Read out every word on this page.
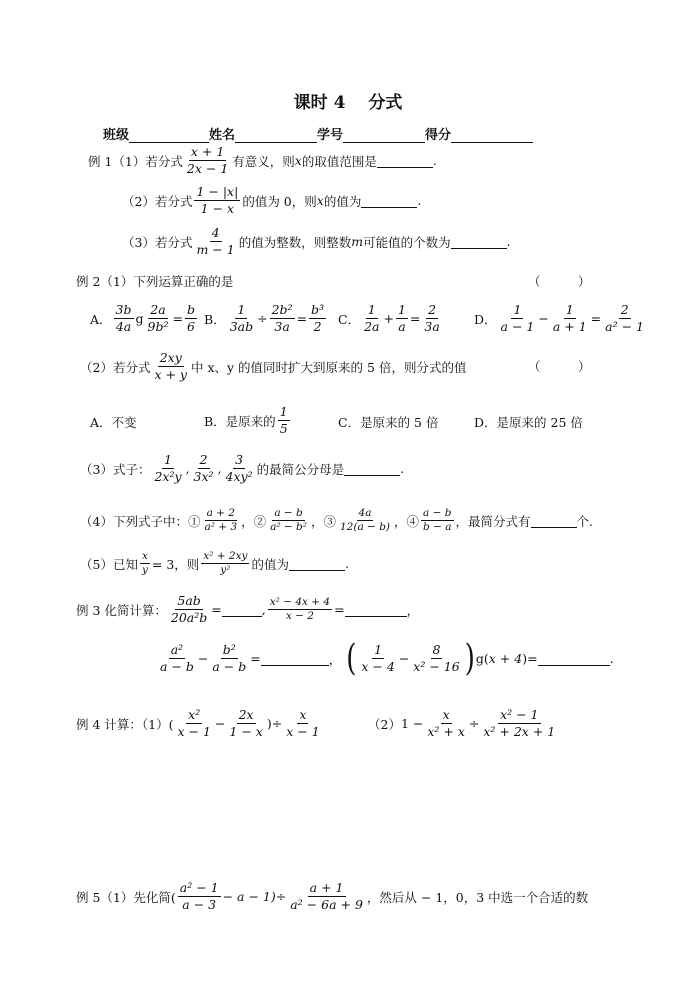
课时 4　 分式
班级	姓名	学号	得分
例 1（1）若分式 $\frac{x + 1}{2x - 1}$ 有意义，则x的取值范围是	.
（2）若分式 $\frac{1 - |x|}{1 - x}$ 的值为 0，则x的值为	.
（3）若分式 $\frac{4}{m - 1}$ 的值为整数，则整数m可能值的个数为	.
例 2（1）下列运算正确的是	（　　　）
A． $\frac{3b}{4a}$ g $\frac{2a}{\text{9b²}} = \frac{b}{6}$ B． $\frac{1}{3ab} \div \frac{\text{2b²}}{3a} = \frac{\text{b³}}{2}$ C． $\frac{1}{2a} + \frac{1}{a} = \frac{2}{3a}$	D． $\frac{1}{a - 1} - \frac{1}{a + 1} = \frac{2}{\text{a² − 1}}$
（2）若分式 $\frac{2xy}{x + y}$ 中 x、y 的值同时扩大到原来的 5 倍，则分式的值	（　　　）
A．不变	B．是原来的 $\frac{1}{5}$	C．是原来的 5 倍	D．是原来的 25 倍
（3）式子： $\frac{1}{\text{2x²y}}$ , $\frac{2}{\text{3x²}}$ , $\frac{3}{\text{4xy²}}$ 的最简公分母是	.
（4）下列式子中：① $\frac{a + 2}{\text{a² + 3}}$ ，② $\frac{a - b}{\text{a² − b²}}$ ，③ $\frac{4a}{12(a - b)}$ ，④ $\frac{a - b}{b - a}$ ，最简分式有	个.
（5）已知 $\frac{x}{y} = 3$，则 $\frac{\text{x² + 2xy}}{\text{y²}}$ 的值为	.
例 3 化简计算： $\frac{5ab}{\text{20a²b}}$ =	, $\frac{\text{x² − 4x + 4}}{x - 2}$ =	，
$\frac{\text{a²}}{a - b} - \frac{\text{b²}}{a - b}$ =	， ( $\frac{1}{x - 4} - \frac{8}{\text{x² − 16}} )g(x + 4)=$	.
例 4 计算：$(1)( \frac{\text{x²}}{x - 1} - \frac{2x}{1 - x}$ )÷ $\frac{x}{x - 1}$	$(2)1 - \frac{x}{\text{x² + x}} \div \frac{\text{x² − 1}}{\text{x² + 2x + 1}}$
例 5（1）先化简( $\frac{\text{a² − 1}}{a - 3} - a - 1)\div \frac{a + 1}{\text{a² − 6a + 9}}$ ，然后从 − 1，0，3 中选一个合适的数
